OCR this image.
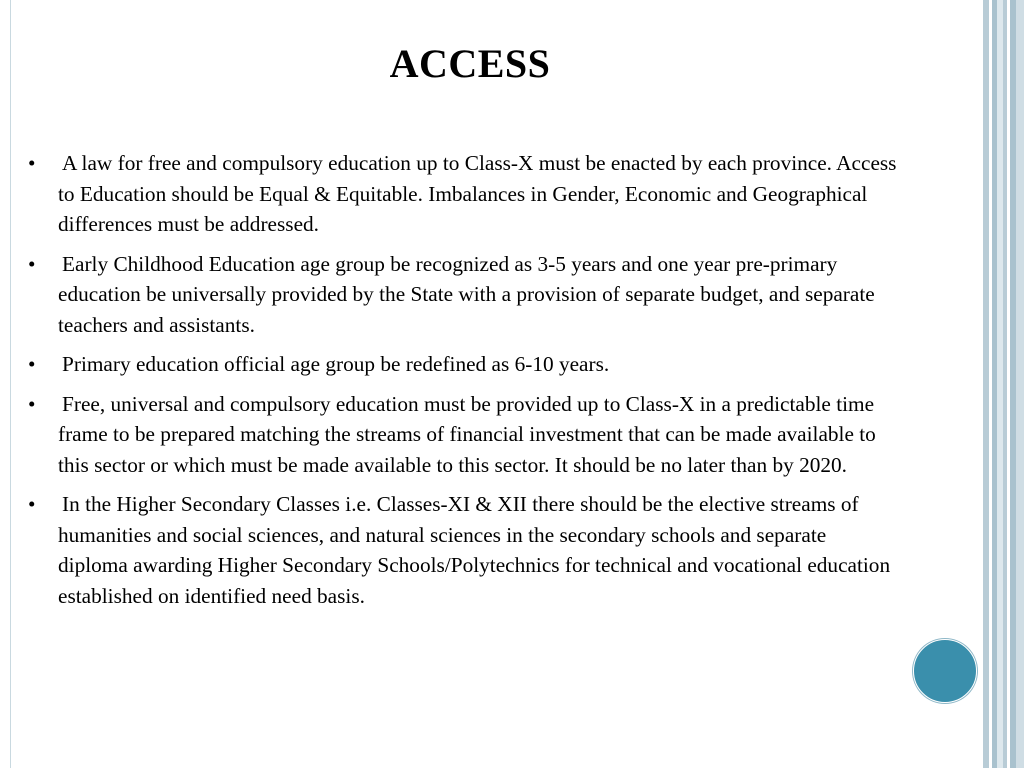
ACCESS
•	A law for free and compulsory education up to Class-X must be enacted by each province. Access to Education should be Equal & Equitable. Imbalances in Gender, Economic and Geographical differences must be addressed.
•	Early Childhood Education age group be recognized as 3-5 years and one year pre-primary education be universally provided by the State with a provision of separate budget, and separate teachers and assistants.
•	Primary education official age group be redefined as 6-10 years.
•	Free, universal and compulsory education must be provided up to Class-X in a predictable time frame to be prepared matching the streams of financial investment that can be made available to this sector or which must be made available to this sector. It should be no later than by 2020.
•	In the Higher Secondary Classes i.e. Classes-XI & XII there should be the elective streams of humanities and social sciences, and natural sciences in the secondary schools and separate diploma awarding Higher Secondary Schools/Polytechnics for technical and vocational education established on identified need basis.
